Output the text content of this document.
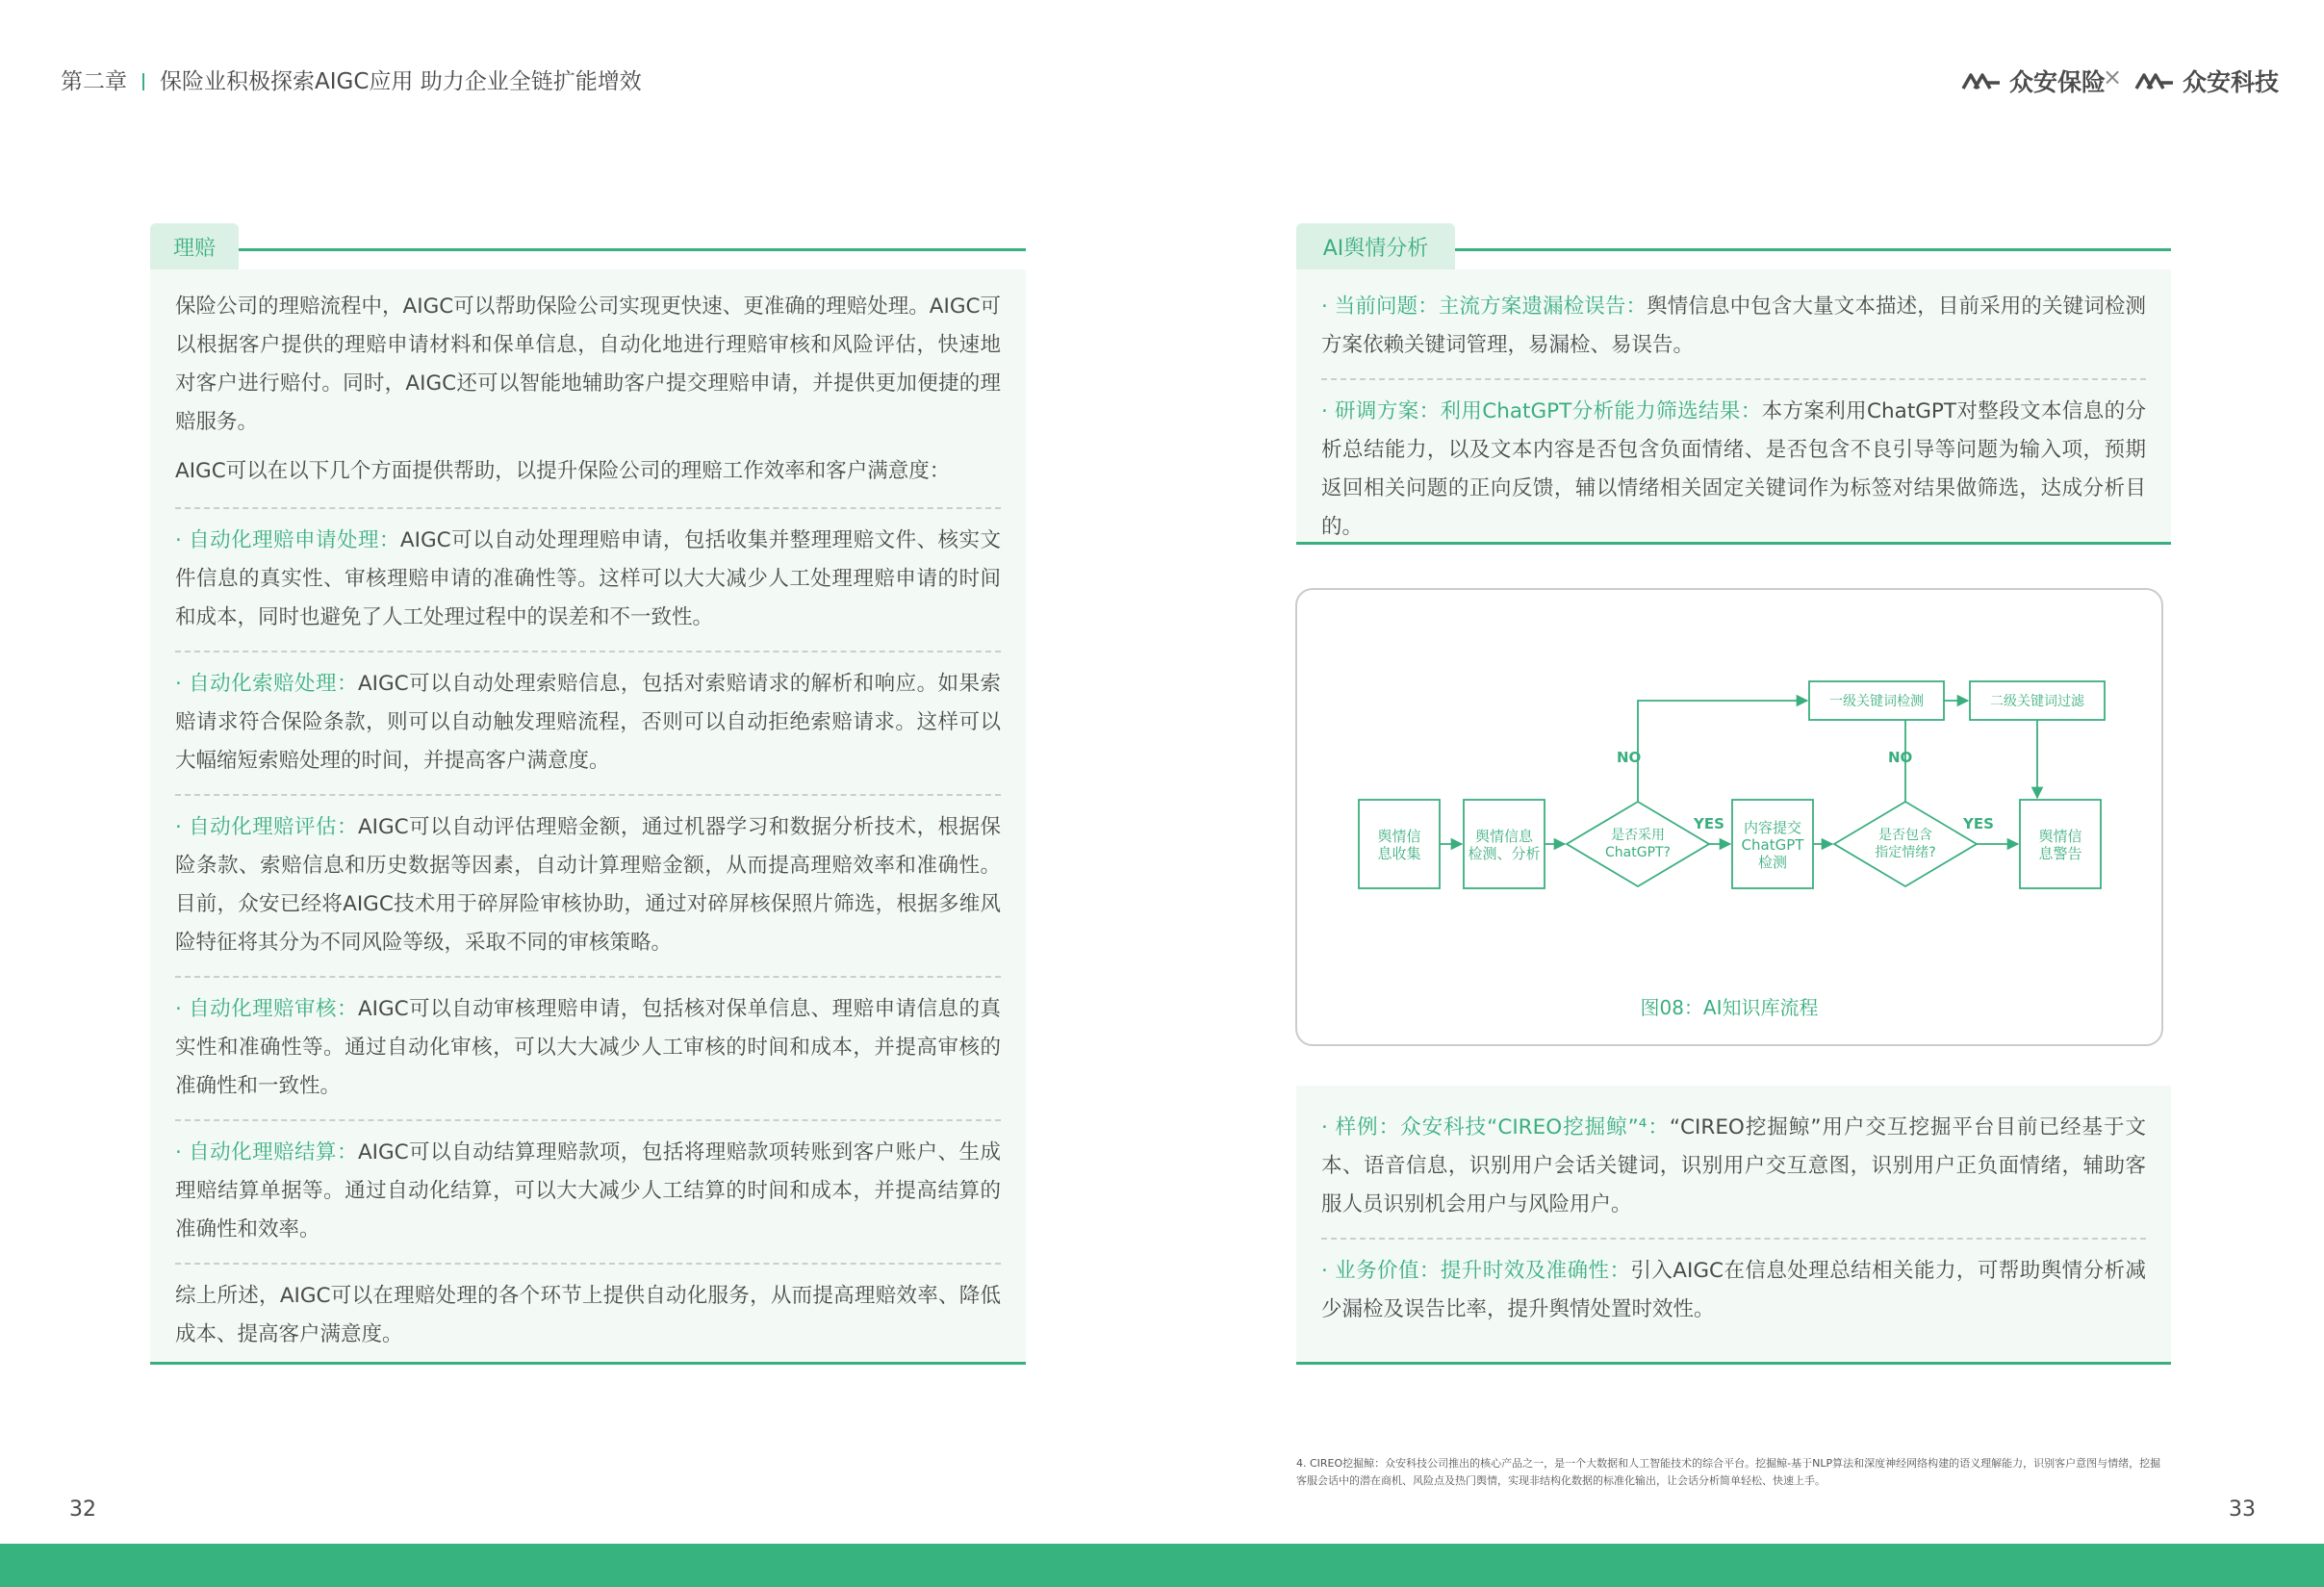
第二章 保险业积极探索AIGC应用 助力企业全链扩能增效	众安保险
×	众安科技
理赔

保险公司的理赔流程中，AIGC可以帮助保险公司实现更快速、更准确的理赔处理。AIGC可以根据客户提供的理赔申请材料和保单信息，自动化地进行理赔审核和风险评估，快速地对客户进行赔付。同时，AIGC还可以智能地辅助客户提交理赔申请，并提供更加便捷的理赔服务。

AIGC可以在以下几个方面提供帮助，以提升保险公司的理赔工作效率和客户满意度：

· 自动化理赔申请处理：AIGC可以自动处理理赔申请，包括收集并整理理赔文件、核实文件信息的真实性、审核理赔申请的准确性等。这样可以大大减少人工处理理赔申请的时间和成本，同时也避免了人工处理过程中的误差和不一致性。

· 自动化索赔处理：AIGC可以自动处理索赔信息，包括对索赔请求的解析和响应。如果索赔请求符合保险条款，则可以自动触发理赔流程，否则可以自动拒绝索赔请求。这样可以大幅缩短索赔处理的时间，并提高客户满意度。

· 自动化理赔评估：AIGC可以自动评估理赔金额，通过机器学习和数据分析技术，根据保险条款、索赔信息和历史数据等因素，自动计算理赔金额，从而提高理赔效率和准确性。目前，众安已经将AIGC技术用于碎屏险审核协助，通过对碎屏核保照片筛选，根据多维风险特征将其分为不同风险等级，采取不同的审核策略。

· 自动化理赔审核：AIGC可以自动审核理赔申请，包括核对保单信息、理赔申请信息的真实性和准确性等。通过自动化审核，可以大大减少人工审核的时间和成本，并提高审核的准确性和一致性。

· 自动化理赔结算：AIGC可以自动结算理赔款项，包括将理赔款项转账到客户账户、生成理赔结算单据等。通过自动化结算，可以大大减少人工结算的时间和成本，并提高结算的准确性和效率。

综上所述，AIGC可以在理赔处理的各个环节上提供自动化服务，从而提高理赔效率、降低成本、提高客户满意度。

AI舆情分析

· 当前问题：主流方案遗漏检误告：舆情信息中包含大量文本描述，目前采用的关键词检测方案依赖关键词管理，易漏检、易误告。

· 研调方案：利用ChatGPT分析能力筛选结果：本方案利用ChatGPT对整段文本信息的分析总结能力，以及文本内容是否包含负面情绪、是否包含不良引导等问题为输入项，预期返回相关问题的正向反馈，辅以情绪相关固定关键词作为标签对结果做筛选，达成分析目的。

舆情信
息收集
舆情信息
检测、分析
是否采用
ChatGPT?
内容提交
ChatGPT
检测
是否包含
指定情绪?
舆情信
息警告
一级关键词检测	二级关键词过滤
YES	YES
NO	NO
图08：AI知识库流程

· 样例：众安科技“CIREO挖掘鲸”⁴：“CIREO挖掘鲸”用户交互挖掘平台目前已经基于文本、语音信息，识别用户会话关键词，识别用户交互意图，识别用户正负面情绪，辅助客服人员识别机会用户与风险用户。

· 业务价值：提升时效及准确性：引入AIGC在信息处理总结相关能力，可帮助舆情分析减少漏检及误告比率，提升舆情处置时效性。

4. CIREO挖掘鲸：众安科技公司推出的核心产品之一，是一个大数据和人工智能技术的综合平台。挖掘鲸-基于NLP算法和深度神经网络构建的语义理解能力，识别客户意图与情绪，挖掘客服会话中的潜在商机、风险点及热门舆情，实现非结构化数据的标准化输出，让会话分析简单轻松、快速上手。
32	33
